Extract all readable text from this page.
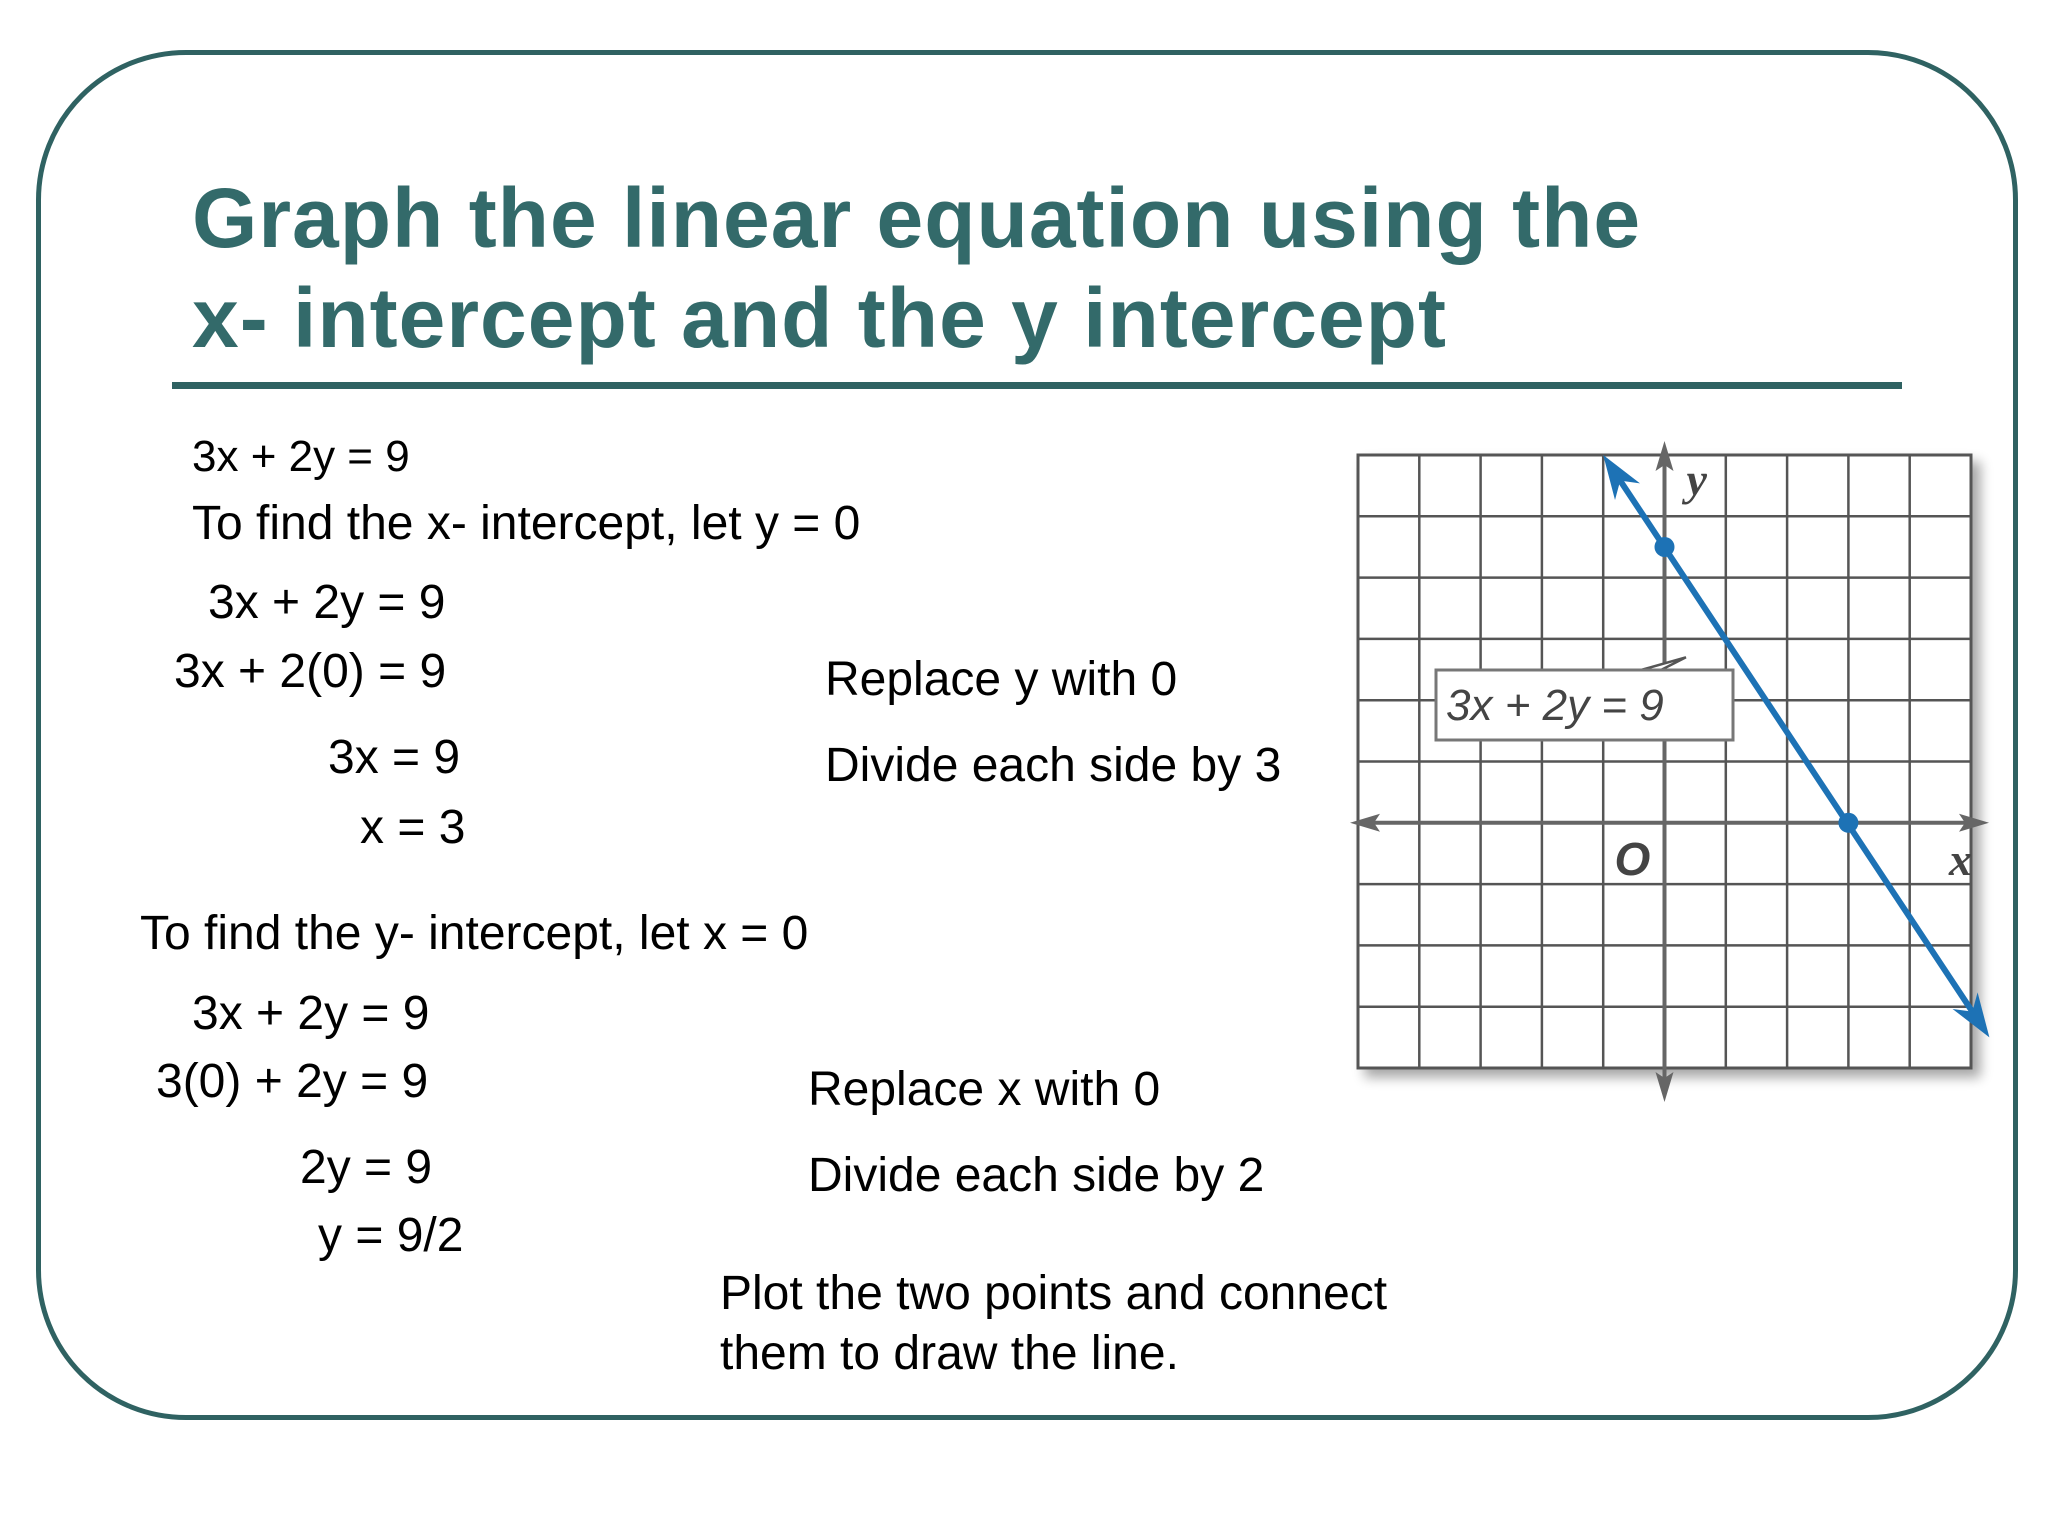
Graph the linear equation using the
x- intercept and the y intercept
3x + 2y = 9
To find the x- intercept, let y = 0
3x + 2y = 9
3x + 2(0) = 9
3x = 9
x = 3
Replace y with 0
Divide each side by 3
To find the y- intercept, let x = 0
3x + 2y = 9
3(0) + 2y = 9
2y = 9
y = 9/2
Replace x with 0
Divide each side by 2
Plot the two points and connect
them to draw the line.
3x + 2y = 9
y
x
O
